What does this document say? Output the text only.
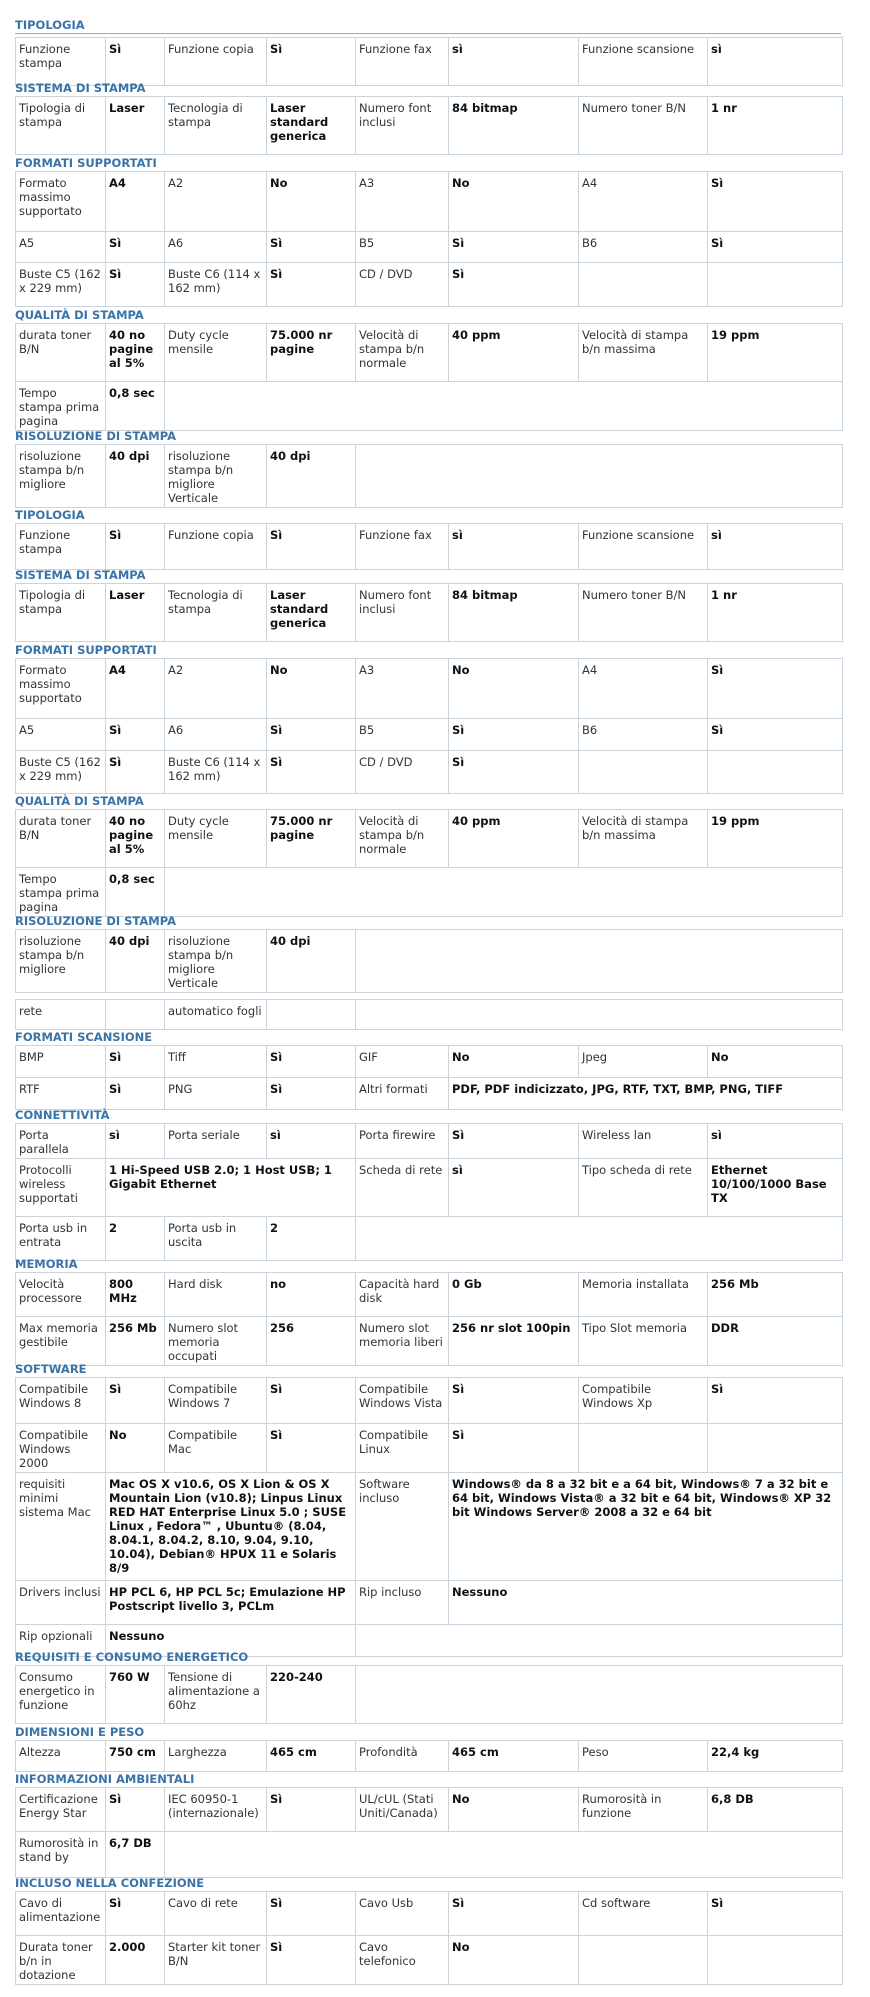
TIPOLOGIA
Funzione stampa	Sì	Funzione copia	Sì	Funzione fax	sì	Funzione scansione	sì
SISTEMA DI STAMPA
Tipologia di stampa	Laser	Tecnologia di stampa	Laser standard generica	Numero font inclusi	84 bitmap	Numero toner B/N	1 nr
FORMATI SUPPORTATI
Formato massimo supportato	A4	A2	No	A3	No	A4	Sì
A5	Sì	A6	Sì	B5	Sì	B6	Sì
Buste C5 (162 x 229 mm)	Sì	Buste C6 (114 x 162 mm)	Sì	CD / DVD	Sì		
QUALITÀ DI STAMPA
durata toner B/N	40 no pagine al 5%	Duty cycle mensile	75.000 nr pagine	Velocità di stampa b/n normale	40 ppm	Velocità di stampa b/n massima	19 ppm
Tempo stampa prima pagina	0,8 sec						
RISOLUZIONE DI STAMPA
risoluzione stampa b/n migliore	40 dpi	risoluzione stampa b/n migliore Verticale	40 dpi	
TIPOLOGIA
Funzione stampa	Sì	Funzione copia	Sì	Funzione fax	sì	Funzione scansione	sì
SISTEMA DI STAMPA
Tipologia di stampa	Laser	Tecnologia di stampa	Laser standard generica	Numero font inclusi	84 bitmap	Numero toner B/N	1 nr
FORMATI SUPPORTATI
Formato massimo supportato	A4	A2	No	A3	No	A4	Sì
A5	Sì	A6	Sì	B5	Sì	B6	Sì
Buste C5 (162 x 229 mm)	Sì	Buste C6 (114 x 162 mm)	Sì	CD / DVD	Sì		
QUALITÀ DI STAMPA
durata toner B/N	40 no pagine al 5%	Duty cycle mensile	75.000 nr pagine	Velocità di stampa b/n normale	40 ppm	Velocità di stampa b/n massima	19 ppm
Tempo stampa prima pagina	0,8 sec						
RISOLUZIONE DI STAMPA
risoluzione stampa b/n migliore	40 dpi	risoluzione stampa b/n migliore Verticale	40 dpi	
rete		automatico fogli		
FORMATI SCANSIONE
BMP	Sì	Tiff	Sì	GIF	No	Jpeg	No
RTF	Sì	PNG	Sì	Altri formati	PDF, PDF indicizzato, JPG, RTF, TXT, BMP, PNG, TIFF		
CONNETTIVITÀ
Porta parallela	sì	Porta seriale	sì	Porta firewire	Sì	Wireless lan	sì
Protocolli wireless supportati	1 Hi-Speed USB 2.0; 1 Host USB; 1 Gigabit Ethernet			Scheda di rete	sì	Tipo scheda di rete	Ethernet 10/100/1000 Base TX
Porta usb in entrata	2	Porta usb in uscita	2				
MEMORIA
Velocità processore	800 MHz	Hard disk	no	Capacità hard disk	0 Gb	Memoria installata	256 Mb
Max memoria gestibile	256 Mb	Numero slot memoria occupati	256	Numero slot memoria liberi	256 nr slot 100pin	Tipo Slot memoria	DDR
SOFTWARE
Compatibile Windows 8	Sì	Compatibile Windows 7	Sì	Compatibile Windows Vista	Sì	Compatibile Windows Xp	Sì
Compatibile Windows 2000	No	Compatibile Mac	Sì	Compatibile Linux	Sì		
requisiti minimi sistema Mac	Mac OS X v10.6, OS X Lion & OS X Mountain Lion (v10.8); Linpus Linux RED HAT Enterprise Linux 5.0 ; SUSE Linux , Fedora™ , Ubuntu® (8.04, 8.04.1, 8.04.2, 8.10, 9.04, 9.10, 10.04), Debian® HPUX 11 e Solaris 8/9			Software incluso	Windows® da 8 a 32 bit e a 64 bit, Windows® 7 a 32 bit e 64 bit, Windows Vista® a 32 bit e 64 bit, Windows® XP 32 bit Windows Server® 2008 a 32 e 64 bit		
Drivers inclusi	HP PCL 6, HP PCL 5c; Emulazione HP Postscript livello 3, PCLm			Rip incluso	Nessuno		
Rip opzionali	Nessuno						
REQUISITI E CONSUMO ENERGETICO
Consumo energetico in funzione	760 W	Tensione di alimentazione a 60hz	220-240	
DIMENSIONI E PESO
Altezza	750 cm	Larghezza	465 cm	Profondità	465 cm	Peso	22,4 kg
INFORMAZIONI AMBIENTALI
Certificazione Energy Star	Sì	IEC 60950-1 (internazionale)	Sì	UL/cUL (Stati Uniti/Canada)	No	Rumorosità in funzione	6,8 DB
Rumorosità in stand by	6,7 DB						
INCLUSO NELLA CONFEZIONE
Cavo di alimentazione	Sì	Cavo di rete	Sì	Cavo Usb	Sì	Cd software	Sì
Durata toner b/n in dotazione	2.000	Starter kit toner B/N	Sì	Cavo telefonico	No		
